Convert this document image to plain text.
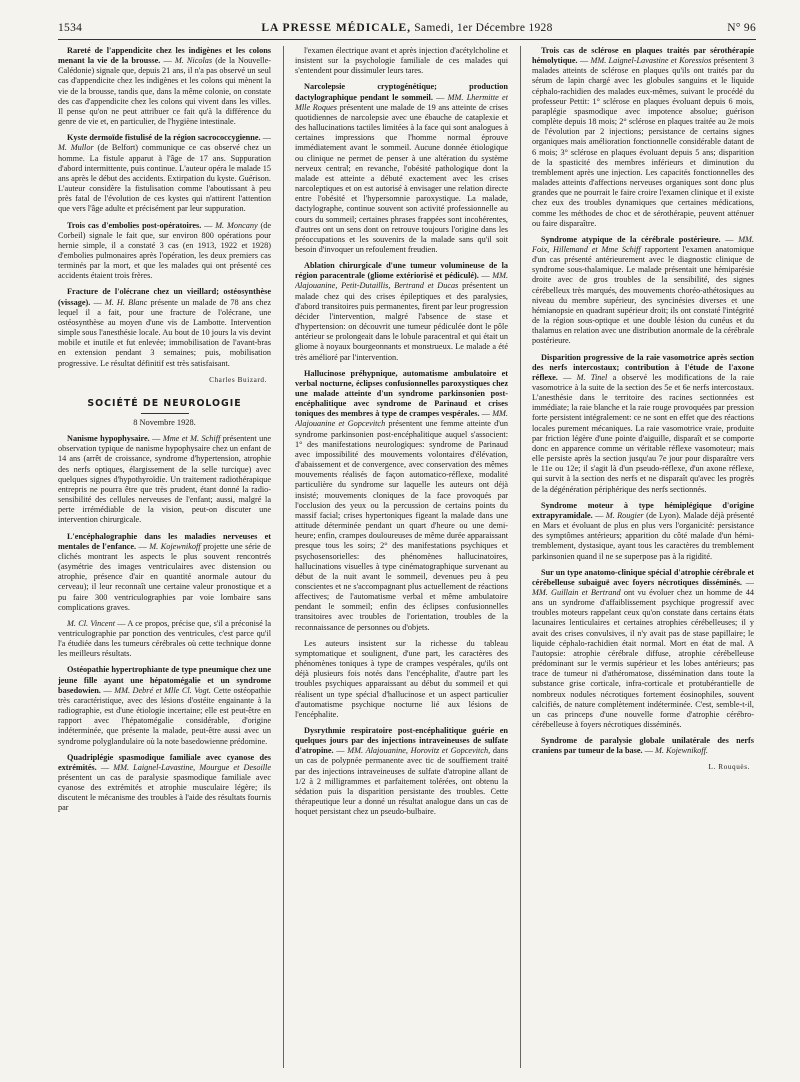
1534	LA PRESSE MÉDICALE, Samedi, 1er Décembre 1928	N° 96

Rareté de l'appendicite chez les indigènes et les colons menant la vie de la brousse. — M. Nicolas (de la Nouvelle-Calédonie) signale que, depuis 21 ans, il n'a pas observé un seul cas d'appendicite chez les indigènes et les colons qui mènent la vie de la brousse, tandis que, dans la même colonie, on constate des cas d'appendicite chez les colons qui vivent dans les villes. Il pense qu'on ne peut attribuer ce fait qu'à la différence du genre de vie et, en particulier, de l'hygiène intestinale.

Kyste dermoïde fistulisé de la région sacrococcygienne. — M. Mullor (de Belfort) communique ce cas observé chez un homme. La fistule apparut à l'âge de 17 ans. Suppuration d'abord intermittente, puis continue. L'auteur opéra le malade 15 ans après le début des accidents. Extirpation du kyste. Guérison. L'auteur considère la fistulisation comme l'aboutissant à peu près fatal de l'évolution de ces kystes qui n'attirent l'attention que vers l'âge adulte et précisément par leur suppuration.

Trois cas d'embolies post-opératoires. — M. Moncany (de Corbeil) signale le fait que, sur environ 800 opérations pour hernie simple, il a constaté 3 cas (en 1913, 1922 et 1928) d'embolies pulmonaires après l'opération, les deux premiers cas terminés par la mort, et que les malades qui ont présenté ces accidents étaient trois frères.

Fracture de l'olécrane chez un vieillard; ostéosynthèse (vissage). — M. H. Blanc présente un malade de 78 ans chez lequel il a fait, pour une fracture de l'olécrane, une ostéosynthèse au moyen d'une vis de Lambotte. Intervention simple sous l'anesthésie locale. Au bout de 10 jours la vis devint mobile et inutile et fut enlevée; immobilisation de l'avant-bras en extension pendant 3 semaines; puis, mobilisation progressive. Le résultat définitif est très satisfaisant.

Charles Buizard.
SOCIÉTÉ DE NEUROLOGIE
8 Novembre 1928.

Nanisme hypophysaire. — Mme et M. Schiff présentent une observation typique de nanisme hypophysaire chez un enfant de 14 ans (arrêt de croissance, syndrome d'hypertension, atrophie des nerfs optiques, élargissement de la selle turcique) avec quelques signes d'hypothyroïdie. Un traitement radiothérapique entrepris ne pourra être que très prudent, étant donné la radio-sensibilité des cellules nerveuses de l'enfant; aussi, malgré la perte irrémédiable de la vision, peut-on discuter une intervention chirurgicale.

L'encéphalographie dans les maladies nerveuses et mentales de l'enfance. — M. Kojewnikoff projette une série de clichés montrant les aspects le plus souvent rencontrés (asymétrie des images ventriculaires avec distension ou atrophie, présence d'air en quantité anormale autour du cerveau); il leur reconnaît une certaine valeur pronostique et a pu faire 300 ventriculographies par voie lombaire sans complications graves.

M. Cl. Vincent — A ce propos, précise que, s'il a préconisé la ventriculographie par ponction des ventricules, c'est parce qu'il l'a étudiée dans les tumeurs cérébrales où cette technique donne les meilleurs résultats.

Ostéopathie hypertrophiante de type pneumique chez une jeune fille ayant une hépatomégalie et un syndrome basedowien. — MM. Debré et Mlle Cl. Vogt. Cette ostéopathie très caractéristique, avec des lésions d'ostéite engainante à la radiographie, est d'une étiologie incertaine; elle est peut-être en rapport avec l'hépatomégalie considérable, d'origine indéterminée, que présente la malade, peut-être aussi avec un syndrome polyglandulaire où la note basedowienne prédomine.

Quadriplégie spasmodique familiale avec cyanose des extrémités. — MM. Laignel-Lavastine, Mourgue et Desoille présentent un cas de paralysie spasmodique familiale avec cyanose des extrémités et atrophie musculaire légère; ils discutent le mécanisme des troubles à l'aide des résultats fournis par

l'examen électrique avant et après injection d'acétylcholine et insistent sur la psychologie familiale de ces malades qui s'entendent pour dissimuler leurs tares.

Narcolepsie cryptogénétique; production dactylographique pendant le sommeil. — MM. Lhermitte et Mlle Roques présentent une malade de 19 ans atteinte de crises quotidiennes de narcolepsie avec une ébauche de cataplexie et des hallucinations tactiles limitées à la face qui sont analogues à certaines impressions que l'homme normal éprouve immédiatement avant le sommeil. Aucune donnée étiologique ou clinique ne permet de penser à une altération du système nerveux central; en revanche, l'obésité pathologique dont la malade est atteinte a débuté exactement avec les crises narcoleptiques et on est autorisé à envisager une relation directe entre l'obésité et l'hypersomnie paroxystique. La malade, dactylographe, continue souvent son activité professionnelle au cours du sommeil; certaines phrases frappées sont incohérentes, d'autres ont un sens dont on retrouve toujours l'origine dans les préoccupations et les souvenirs de la malade sans qu'il soit besoin d'invoquer un refoulement freudien.

Ablation chirurgicale d'une tumeur volumineuse de la région paracentrale (gliome extériorisé et pédiculé). — MM. Alajouanine, Petit-Dutaillis, Bertrand et Ducas présentent un malade chez qui des crises épileptiques et des paralysies, d'abord transitoires puis permanentes, firent par leur progression décider l'intervention, malgré l'absence de stase et d'hypertension: on découvrit une tumeur pédiculée dont le pôle antérieur se prolongeait dans le lobule paracentral et qui était un gliome à noyaux bourgeonnants et monstrueux. Le malade a été très amélioré par l'intervention.

Hallucinose préhypnique, automatisme ambulatoire et verbal nocturne, éclipses confusionnelles paroxystiques chez une malade atteinte d'un syndrome parkinsonien post-encéphalitique avec syndrome de Parinaud et crises toniques des membres à type de crampes vespérales. — MM. Alajouanine et Gopcevitch présentent une femme atteinte d'un syndrome parkinsonien post-encéphalitique auquel s'associent: 1° des manifestations neurologiques: syndrome de Parinaud avec impossibilité des mouvements volontaires d'élévation, d'abaissement et de convergence, avec conservation des mêmes mouvements réalisés de façon automatico-réflexe, modalité particulière du syndrome sur laquelle les auteurs ont déjà insisté; mouvements cloniques de la face provoqués par l'occlusion des yeux ou la percussion de certains points du massif facial; crises hypertoniques figeant la malade dans une attitude déterminée pendant un quart d'heure ou une demi-heure; enfin, crampes douloureuses de même durée apparaissant presque tous les soirs; 2° des manifestations psychiques et psychosensorielles: des phénomènes hallucinatoires, hallucinations visuelles à type cinématographique survenant au début de la nuit avant le sommeil, devenues peu à peu conscientes et ne s'accompagnant plus actuellement de réactions affectives; de l'automatisme verbal et même ambulatoire pendant le sommeil; enfin des éclipses confusionnelles transitoires avec troubles de l'orientation, troubles de la reconnaissance de personnes ou d'objets.

Les auteurs insistent sur la richesse du tableau symptomatique et soulignent, d'une part, les caractères des phénomènes toniques à type de crampes vespérales, qu'ils ont déjà plusieurs fois notés dans l'encéphalite, d'autre part les troubles psychiques apparaissant au début du sommeil et qui réalisent un type spécial d'hallucinose et un aspect particulier d'automatisme psychique nocturne lié aux lésions de l'encéphalite.

Dysrythmie respiratoire post-encéphalitique guérie en quelques jours par des injections intraveineuses de sulfate d'atropine. — MM. Alajouanine, Horovitz et Gopcevitch, dans un cas de polypnée permanente avec tic de souffiement traité par des injections intraveineuses de sulfate d'atropine allant de 1/2 à 2 milligrammes et parfaitement tolérées, ont obtenu la sédation puis la disparition persistante des troubles. Cette thérapeutique leur a donné un résultat analogue dans un cas de hoquet persistant chez un pseudo-bulbaire.

Trois cas de sclérose en plaques traités par sérothérapie hémolytique. — MM. Laignel-Lavastine et Koressios présentent 3 malades atteints de sclérose en plaques qu'ils ont traités par du sérum de lapin chargé avec les globules sanguins et le liquide céphalo-rachidien des malades eux-mêmes, suivant le procédé du professeur Pettit: 1° sclérose en plaques évoluant depuis 6 mois, paraplégie spasmodique avec impotence absolue; guérison complète depuis 18 mois; 2° sclérose en plaques traitée au 2e mois de l'évolution par 2 injections; persistance de certains signes organiques mais amélioration fonctionnelle considérable datant de 6 mois; 3° sclérose en plaques évoluant depuis 5 ans; disparition de la spasticité des membres inférieurs et diminution du tremblement après une injection. Les capacités fonctionnelles des malades atteints d'affections nerveuses organiques sont donc plus grandes que ne pourrait le faire croire l'examen clinique et il existe chez eux des troubles dynamiques que certaines médications, comme les méthodes de choc et de sérothérapie, peuvent atténuer ou faire disparaître.

Syndrome atypique de la cérébrale postérieure. — MM. Foix, Hillemand et Mme Schiff rapportent l'examen anatomique d'un cas présenté antérieurement avec le diagnostic clinique de syndrome sous-thalamique. Le malade présentait une hémiparésie droite avec de gros troubles de la sensibilité, des signes cérébelleux très marqués, des mouvements choréo-athétosiques au niveau du membre supérieur, des syncinésies diverses et une hémianopsie en quadrant supérieur droit; ils ont constaté l'intégrité de la région sous-optique et une double lésion du cunéus et du thalamus en relation avec une distribution anormale de la cérébrale postérieure.

Disparition progressive de la raie vasomotrice après section des nerfs intercostaux; contribution à l'étude de l'axone réflexe. — M. Tinel a observé les modifications de la raie vasomotrice à la suite de la section des 5e et 6e nerfs intercostaux. L'anesthésie dans le territoire des racines sectionnées est immédiate; la raie blanche et la raie rouge provoquées par pression forte persistent intégralement: ce ne sont en effet que des réactions locales purement mécaniques. La raie vasomotrice vraie, produite par friction légère d'une pointe d'aiguille, disparaît et se comporte donc en apparence comme un véritable réflexe vasomoteur; mais elle persiste après la section jusqu'au 7e jour pour disparaître vers le 11e ou 12e; il s'agit là d'un pseudo-réflexe, d'un axone réflexe, qui survit à la section des nerfs et ne disparaît qu'avec les progrès de la dégénération périphérique des nerfs sectionnés.

Syndrome moteur à type hémiplégique d'origine extrapyramidale. — M. Rougier (de Lyon). Malade déjà présenté en Mars et évoluant de plus en plus vers l'organicité: persistance des symptômes antérieurs; apparition du côté malade d'un hémi-tremblement, dystasique, ayant tous les caractères du tremblement parkinsonien quand il ne se superpose pas à la rigidité.

Sur un type anatomo-clinique spécial d'atrophie cérébrale et cérébelleuse subaiguë avec foyers nécrotiques disséminés. — MM. Guillain et Bertrand ont vu évoluer chez un homme de 44 ans un syndrome d'affaiblissement psychique progressif avec troubles moteurs rappelant ceux qu'on constate dans certains états lacunaires lenticulaires et certaines atrophies cérébelleuses; il y avait des crises convulsives, il n'y avait pas de stase papillaire; le liquide céphalo-rachidien était normal. Mort en état de mal. A l'autopsie: atrophie cérébrale diffuse, atrophie cérébelleuse prédominant sur le vermis supérieur et les lobes antérieurs; pas trace de tumeur ni d'athéromatose, dissémination dans toute la substance grise corticale, infra-corticale et protubérantielle de nombreux nodules nécrotiques fortement éosinophiles, souvent calcifiés, de nature complètement indéterminée. C'est, semble-t-il, un cas princeps d'une nouvelle forme d'atrophie cérébro-cérébelleuse à foyers nécrotiques disséminés.

Syndrome de paralysie globale unilatérale des nerfs craniens par tumeur de la base. — M. Kojewnikoff.

L. Rouquès.
